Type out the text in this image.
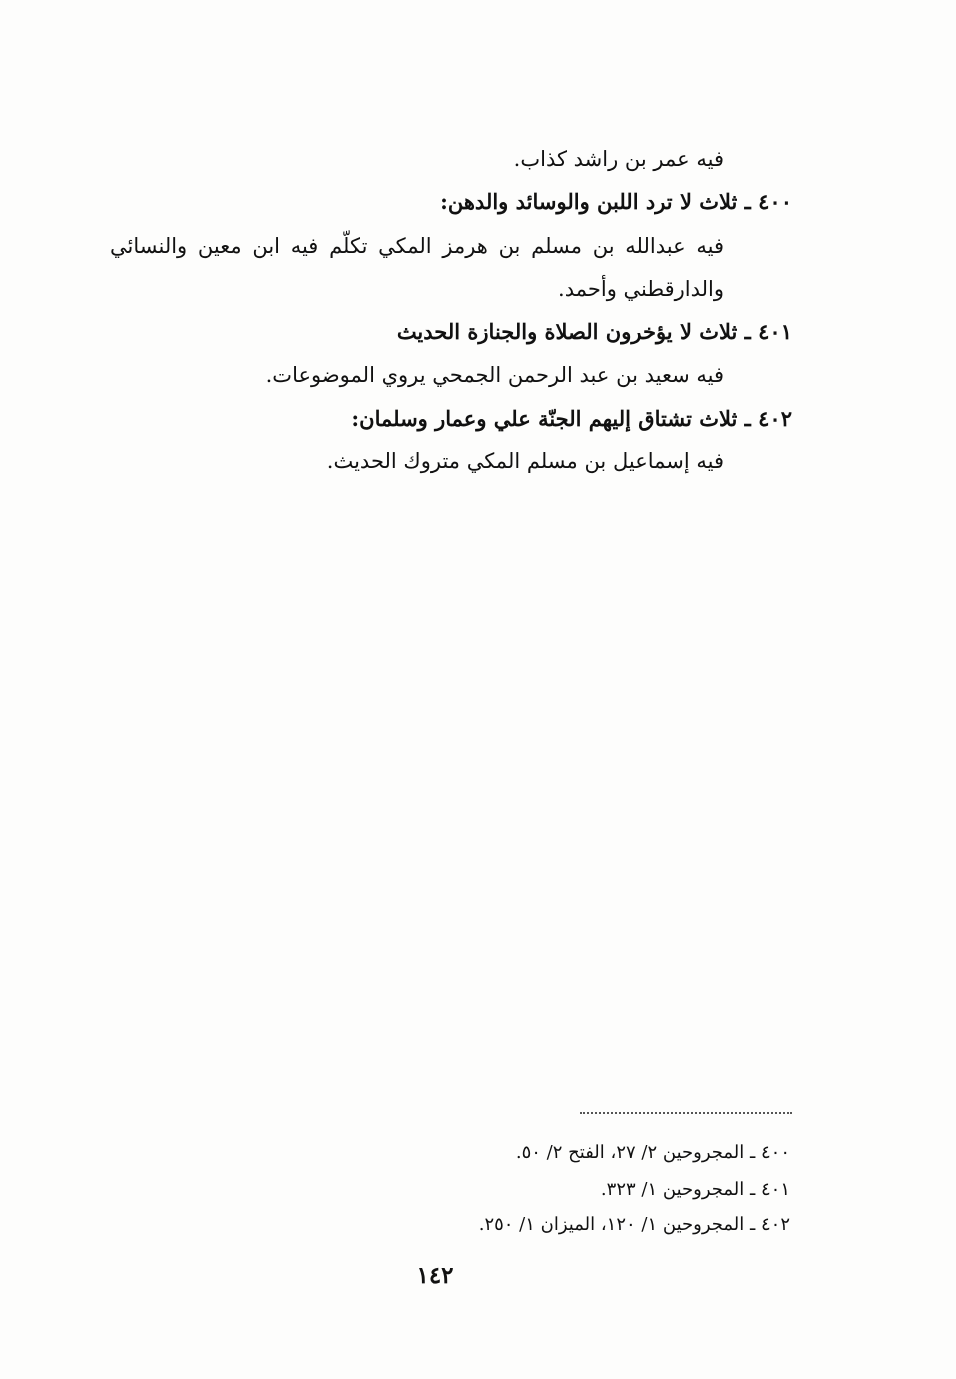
فيه عمر بن راشد كذاب.
٤٠٠ ـ ثلاث لا ترد اللبن والوسائد والدهن:
فيه عبدالله بن مسلم بن هرمز المكي تكلّم فيه ابن معين والنسائي
والدارقطني وأحمد.
٤٠١ ـ ثلاث لا يؤخرون الصلاة والجنازة الحديث
فيه سعيد بن عبد الرحمن الجمحي يروي الموضوعات.
٤٠٢ ـ ثلاث تشتاق إليهم الجنّة علي وعمار وسلمان:
فيه إسماعيل بن مسلم المكي متروك الحديث.
٤٠٠ ـ المجروحين ٢/ ٢٧، الفتح ٢/ ٥٠.
٤٠١ ـ المجروحين ١/ ٣٢٣.
٤٠٢ ـ المجروحين ١/ ١٢٠، الميزان ١/ ٢٥٠.
١٤٢
